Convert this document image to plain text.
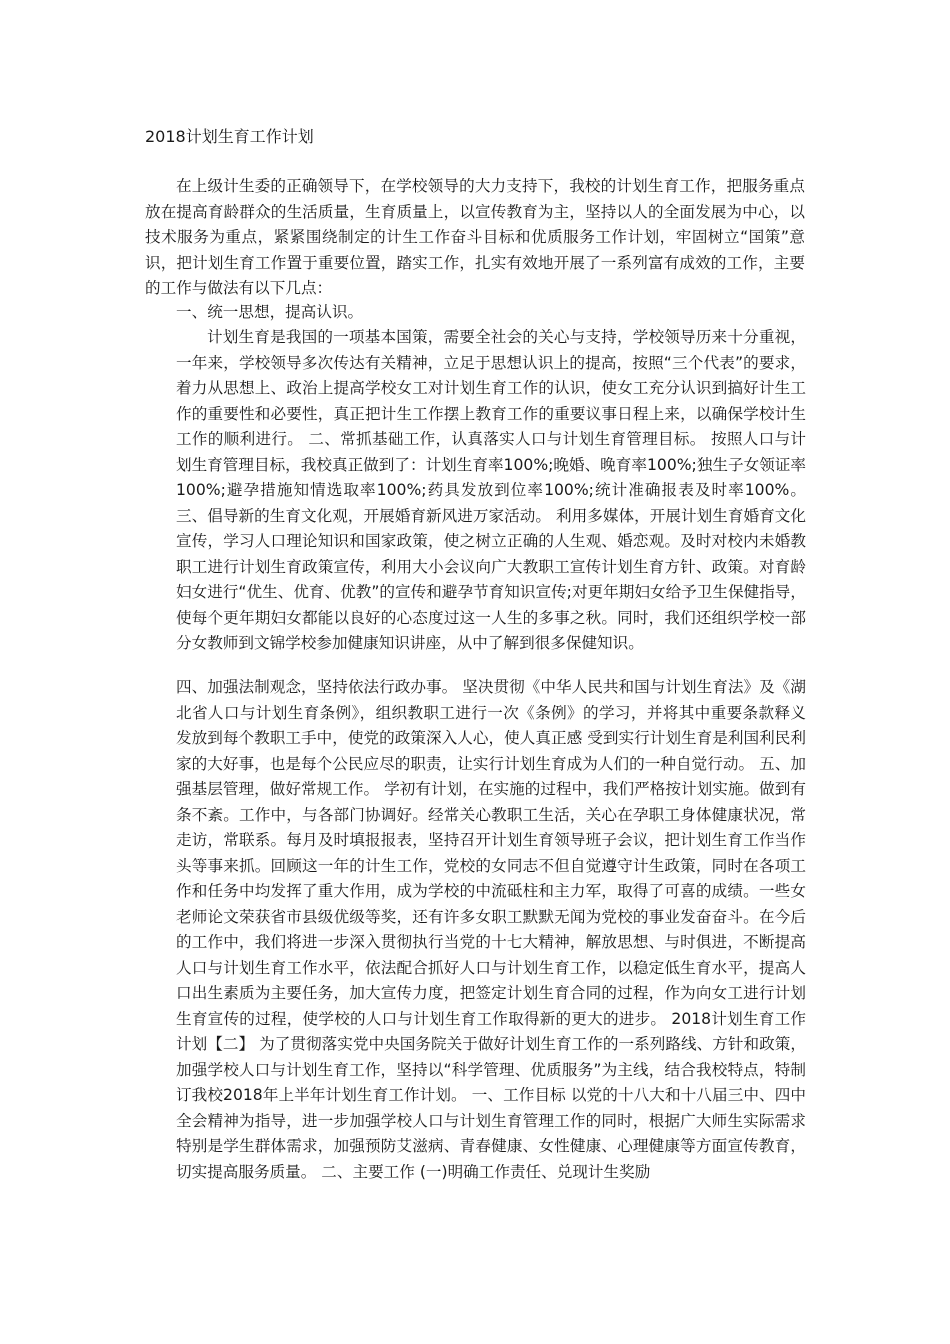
2018计划生育工作计划

在上级计生委的正确领导下，在学校领导的大力支持下，我校的计划生育工作，把服务重点放在提高育龄群众的生活质量，生育质量上，以宣传教育为主，坚持以人的全面发展为中心，以技术服务为重点，紧紧围绕制定的计生工作奋斗目标和优质服务工作计划，牢固树立“国策”意识，把计划生育工作置于重要位置，踏实工作，扎实有效地开展了一系列富有成效的工作，主要的工作与做法有以下几点：

一、统一思想，提高认识。

计划生育是我国的一项基本国策，需要全社会的关心与支持，学校领导历来十分重视，一年来，学校领导多次传达有关精神，立足于思想认识上的提高，按照“三个代表”的要求，着力从思想上、政治上提高学校女工对计划生育工作的认识，使女工充分认识到搞好计生工作的重要性和必要性，真正把计生工作摆上教育工作的重要议事日程上来，以确保学校计生工作的顺利进行。 二、常抓基础工作，认真落实人口与计划生育管理目标。 按照人口与计划生育管理目标，我校真正做到了：计划生育率100%;晚婚、晚育率100%;独生子女领证率100%;避孕措施知情选取率100%;药具发放到位率100%;统计准确报表及时率100%。 三、倡导新的生育文化观，开展婚育新风进万家活动。 利用多媒体，开展计划生育婚育文化宣传，学习人口理论知识和国家政策，使之树立正确的人生观、婚恋观。及时对校内未婚教职工进行计划生育政策宣传，利用大小会议向广大教职工宣传计划生育方针、政策。对育龄妇女进行“优生、优育、优教”的宣传和避孕节育知识宣传;对更年期妇女给予卫生保健指导，使每个更年期妇女都能以良好的心态度过这一人生的多事之秋。同时，我们还组织学校一部分女教师到文锦学校参加健康知识讲座，从中了解到很多保健知识。

四、加强法制观念，坚持依法行政办事。 坚决贯彻《中华人民共和国与计划生育法》及《湖北省人口与计划生育条例》，组织教职工进行一次《条例》的学习，并将其中重要条款释义发放到每个教职工手中，使党的政策深入人心，使人真正感 受到实行计划生育是利国利民利家的大好事，也是每个公民应尽的职责，让实行计划生育成为人们的一种自觉行动。 五、加强基层管理，做好常规工作。 学初有计划，在实施的过程中，我们严格按计划实施。做到有条不紊。工作中，与各部门协调好。经常关心教职工生活，关心在孕职工身体健康状况，常走访，常联系。每月及时填报报表，坚持召开计划生育领导班子会议，把计划生育工作当作头等事来抓。回顾这一年的计生工作，党校的女同志不但自觉遵守计生政策，同时在各项工作和任务中均发挥了重大作用，成为学校的中流砥柱和主力军，取得了可喜的成绩。一些女老师论文荣获省市县级优级等奖，还有许多女职工默默无闻为党校的事业发奋奋斗。在今后的工作中，我们将进一步深入贯彻执行当党的十七大精神，解放思想、与时俱进，不断提高人口与计划生育工作水平，依法配合抓好人口与计划生育工作，以稳定低生育水平，提高人口出生素质为主要任务，加大宣传力度，把签定计划生育合同的过程，作为向女工进行计划生育宣传的过程，使学校的人口与计划生育工作取得新的更大的进步。 2018计划生育工作计划【二】 为了贯彻落实党中央国务院关于做好计划生育工作的一系列路线、方针和政策，加强学校人口与计划生育工作，坚持以“科学管理、优质服务”为主线，结合我校特点，特制订我校2018年上半年计划生育工作计划。 一、工作目标 以党的十八大和十八届三中、四中全会精神为指导，进一步加强学校人口与计划生育管理工作的同时，根据广大师生实际需求特别是学生群体需求，加强预防艾滋病、青春健康、女性健康、心理健康等方面宣传教育，切实提高服务质量。 二、主要工作 (一)明确工作责任、兑现计生奖励
